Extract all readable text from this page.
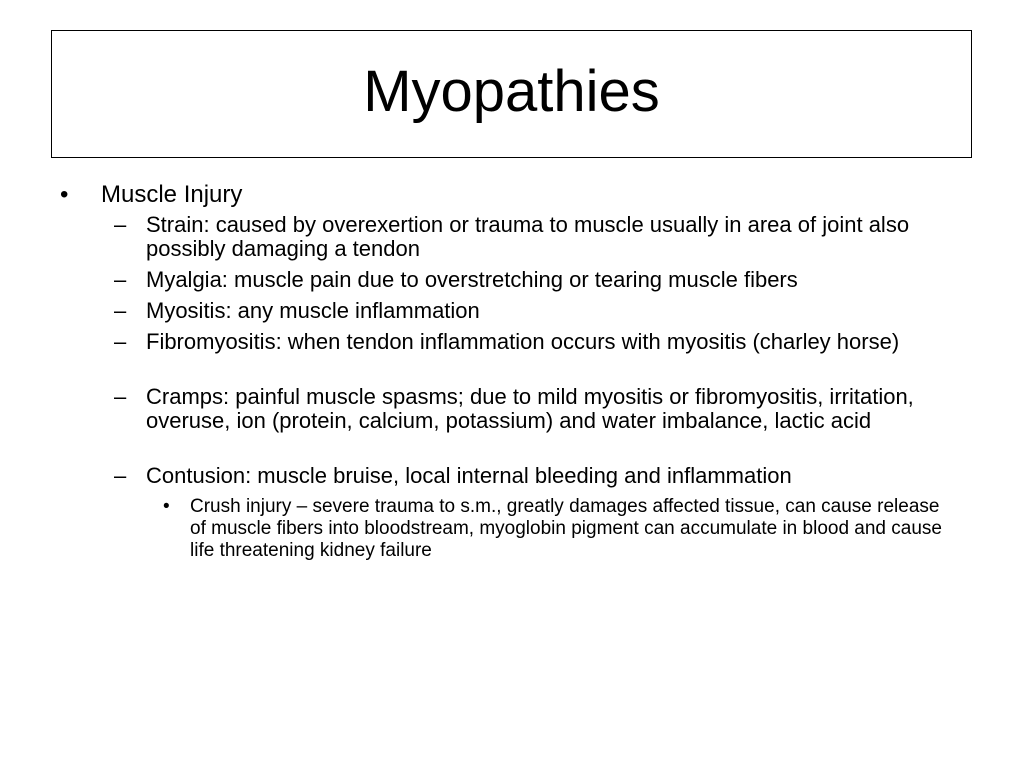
Myopathies
• Muscle Injury
– Strain: caused by overexertion or trauma to muscle usually in area of joint also possibly damaging a tendon
– Myalgia: muscle pain due to overstretching or tearing muscle fibers
– Myositis: any muscle inflammation
– Fibromyositis: when tendon inflammation occurs with myositis (charley horse)
– Cramps: painful muscle spasms; due to mild myositis or fibromyositis, irritation, overuse, ion (protein, calcium, potassium) and water imbalance, lactic acid
– Contusion: muscle bruise, local internal bleeding and inflammation
• Crush injury – severe trauma to s.m., greatly damages affected tissue, can cause release of muscle fibers into bloodstream, myoglobin pigment can accumulate in blood and cause life threatening kidney failure
